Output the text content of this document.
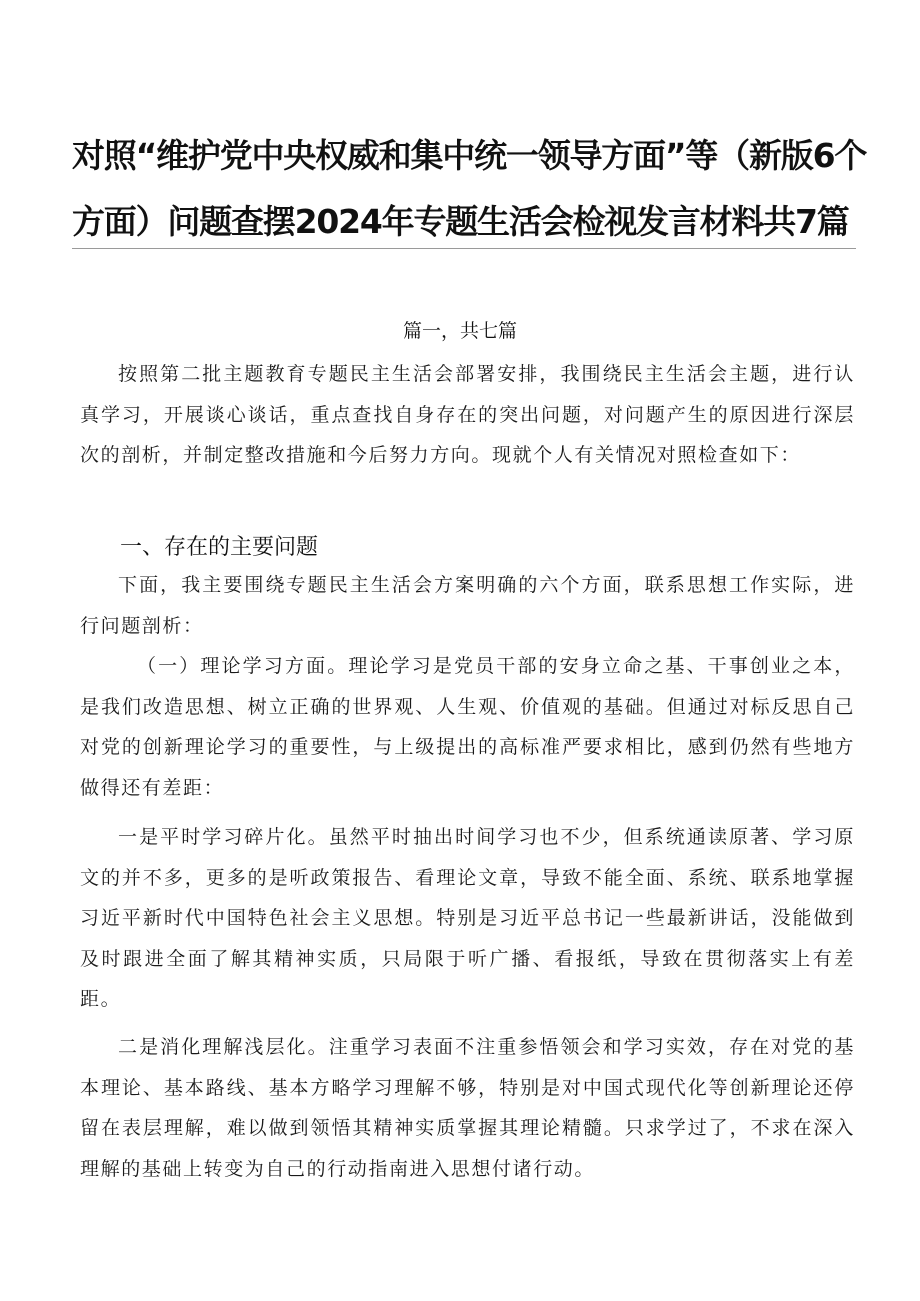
对照“维护党中央权威和集中统一领导方面”等（新版6个
方面）问题查摆2024年专题生活会检视发言材料共7篇
篇一，共七篇

按照第二批主题教育专题民主生活会部署安排，我围绕民主生活会主题，进行认真学习，开展谈心谈话，重点查找自身存在的突出问题，对问题产生的原因进行深层次的剖析，并制定整改措施和今后努力方向。现就个人有关情况对照检查如下：

一、存在的主要问题

下面，我主要围绕专题民主生活会方案明确的六个方面，联系思想工作实际，进行问题剖析：

（一）理论学习方面。理论学习是党员干部的安身立命之基、干事创业之本，是我们改造思想、树立正确的世界观、人生观、价值观的基础。但通过对标反思自己对党的创新理论学习的重要性，与上级提出的高标准严要求相比，感到仍然有些地方做得还有差距：

一是平时学习碎片化。虽然平时抽出时间学习也不少，但系统通读原著、学习原文的并不多，更多的是听政策报告、看理论文章，导致不能全面、系统、联系地掌握习近平新时代中国特色社会主义思想。特别是习近平总书记一些最新讲话，没能做到及时跟进全面了解其精神实质，只局限于听广播、看报纸，导致在贯彻落实上有差距。

二是消化理解浅层化。注重学习表面不注重参悟领会和学习实效，存在对党的基本理论、基本路线、基本方略学习理解不够，特别是对中国式现代化等创新理论还停留在表层理解，难以做到领悟其精神实质掌握其理论精髓。只求学过了，不求在深入理解的基础上转变为自己的行动指南进入思想付诸行动。
